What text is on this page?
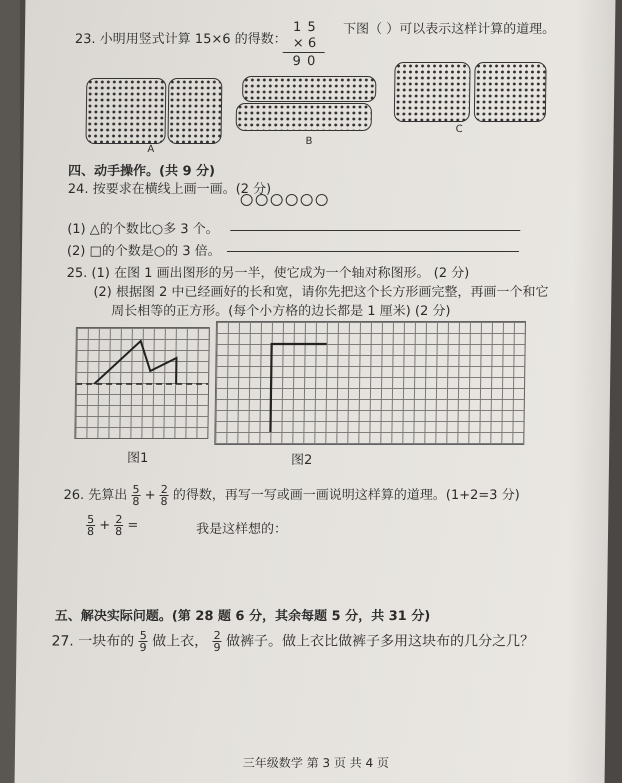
23. 小明用竖式计算 15×6 的得数：
1 5 下图（ ）可以表示这样计算的道理。
× 6
9 0
A
B
C
四、动手操作。(共 9 分)
24. 按要求在横线上画一画。(2 分)
(1) △的个数比○多 3 个。
(2) □的个数是○的 3 倍。
25. (1) 在图 1 画出图形的另一半，使它成为一个轴对称图形。 (2 分)
(2) 根据图 2 中已经画好的长和宽，请你先把这个长方形画完整，再画一个和它
周长相等的正方形。(每个小方格的边长都是 1 厘米) (2 分)
图1	图2
26. 先算出 $\frac{5}{8} + \frac{2}{8}$ 的得数，再写一写或画一画说明这样算的道理。(1+2=3 分)
$\frac{5}{8} + \frac{2}{8}$ =	我是这样想的：
五、解决实际问题。(第 28 题 6 分，其余每题 5 分，共 31 分)
27. 一块布的 $\frac{5}{9}$ 做上衣， $\frac{2}{9}$ 做裤子。做上衣比做裤子多用这块布的几分之几？
三年级数学 第 3 页 共 4 页
